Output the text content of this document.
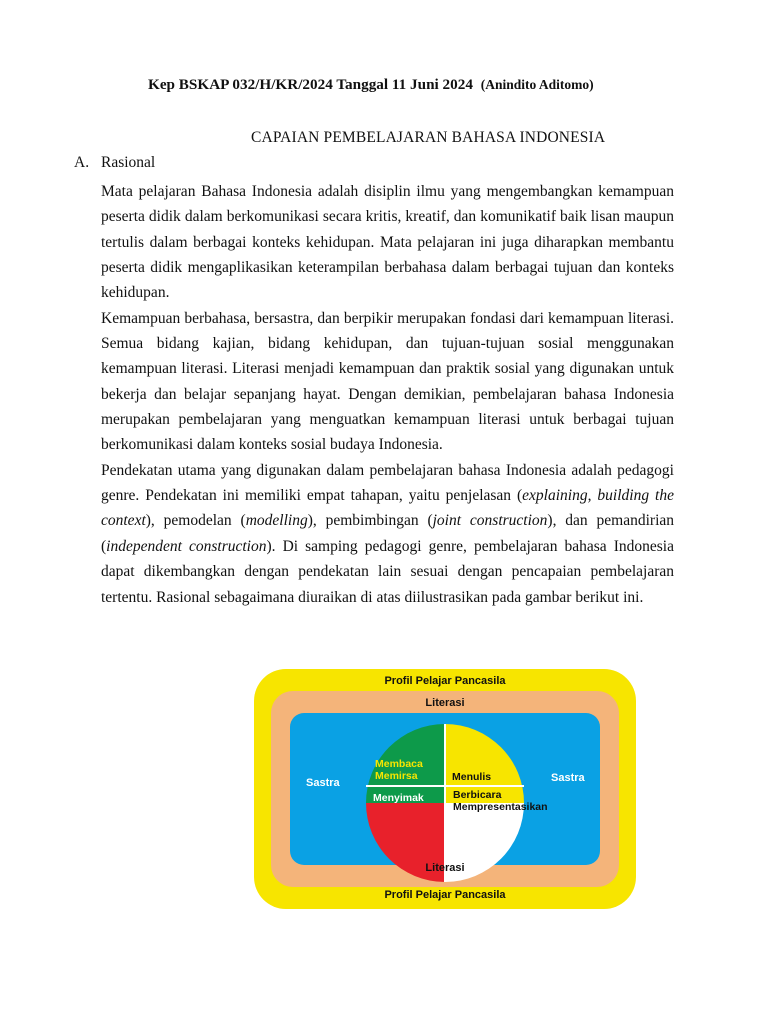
Kep BSKAP 032/H/KR/2024 Tanggal 11 Juni 2024 (Anindito Aditomo)
CAPAIAN PEMBELAJARAN BAHASA INDONESIA
A. Rasional

Mata pelajaran Bahasa Indonesia adalah disiplin ilmu yang mengembangkan kemampuan peserta didik dalam berkomunikasi secara kritis, kreatif, dan komunikatif baik lisan maupun tertulis dalam berbagai konteks kehidupan. Mata pelajaran ini juga diharapkan membantu peserta didik mengaplikasikan keterampilan berbahasa dalam berbagai tujuan dan konteks kehidupan.

Kemampuan berbahasa, bersastra, dan berpikir merupakan fondasi dari kemampuan literasi. Semua bidang kajian, bidang kehidupan, dan tujuan-tujuan sosial menggunakan kemampuan literasi. Literasi menjadi kemampuan dan praktik sosial yang digunakan untuk bekerja dan belajar sepanjang hayat. Dengan demikian, pembelajaran bahasa Indonesia merupakan pembelajaran yang menguatkan kemampuan literasi untuk berbagai tujuan berkomunikasi dalam konteks sosial budaya Indonesia.

Pendekatan utama yang digunakan dalam pembelajaran bahasa Indonesia adalah pedagogi genre. Pendekatan ini memiliki empat tahapan, yaitu penjelasan (explaining, building the context), pemodelan (modelling), pembimbingan (joint construction), dan pemandirian (independent construction). Di samping pedagogi genre, pembelajaran bahasa Indonesia dapat dikembangkan dengan pendekatan lain sesuai dengan pencapaian pembelajaran tertentu. Rasional sebagaimana diuraikan di atas diilustrasikan pada gambar berikut ini.

Profil Pelajar Pancasila
Literasi
Sastra	Sastra
Literasi
Profil Pelajar Pancasila
Membaca
Memirsa	Menulis
Menyimak	Berbicara
Mempresentasikan
